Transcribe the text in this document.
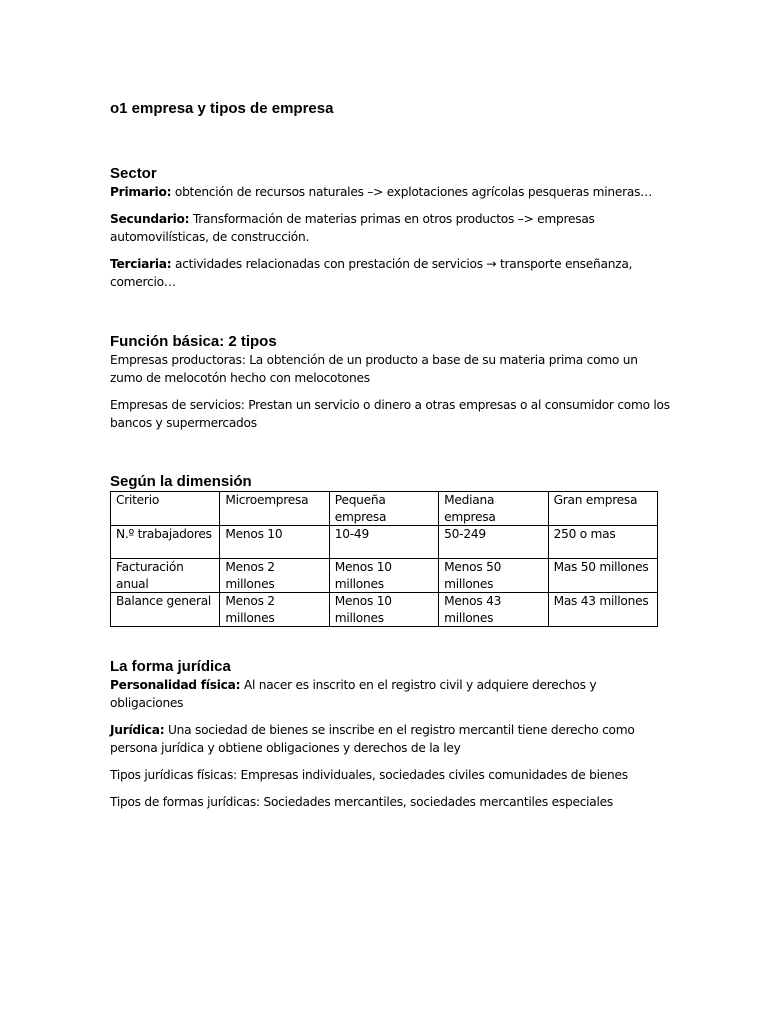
o1 empresa y tipos de empresa
Sector

Primario: obtención de recursos naturales –> explotaciones agrícolas pesqueras mineras…

Secundario: Transformación de materias primas en otros productos –> empresas automovilísticas, de construcción.

Terciaria: actividades relacionadas con prestación de servicios → transporte enseñanza, comercio…

Función básica: 2 tipos

Empresas productoras: La obtención de un producto a base de su materia prima como un zumo de melocotón hecho con melocotones

Empresas de servicios: Prestan un servicio o dinero a otras empresas o al consumidor como los bancos y supermercados

Según la dimensión
Criterio	Microempresa	Pequeña empresa	Mediana empresa	Gran empresa
N.º trabajadores	Menos 10	10-49	50-249	250 o mas
Facturación anual	Menos 2 millones	Menos 10 millones	Menos 50 millones	Mas 50 millones
Balance general	Menos 2 millones	Menos 10 millones	Menos 43 millones	Mas 43 millones
La forma jurídica

Personalidad física: Al nacer es inscrito en el registro civil y adquiere derechos y obligaciones

Jurídica: Una sociedad de bienes se inscribe en el registro mercantil tiene derecho como persona jurídica y obtiene obligaciones y derechos de la ley

Tipos jurídicas físicas: Empresas individuales, sociedades civiles comunidades de bienes

Tipos de formas jurídicas: Sociedades mercantiles, sociedades mercantiles especiales
